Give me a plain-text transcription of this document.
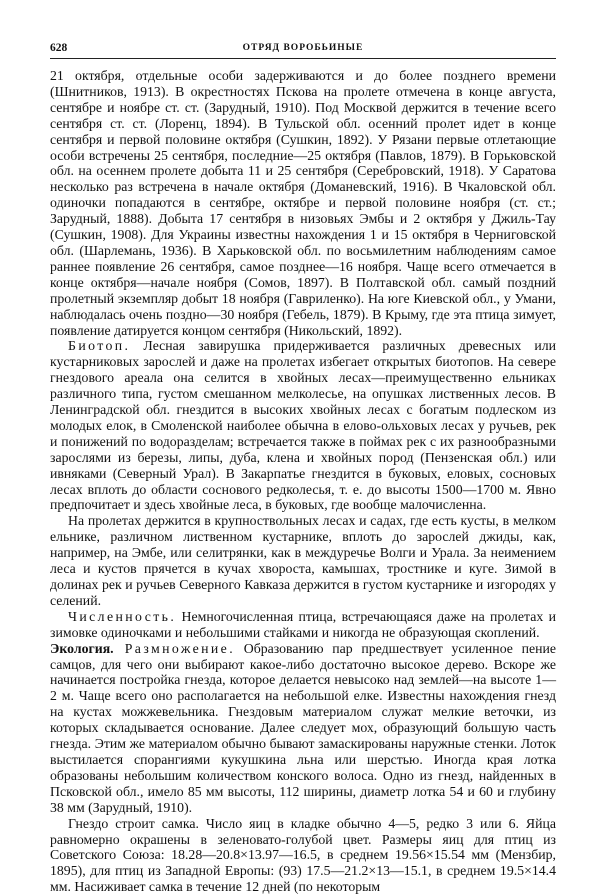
628	ОТРЯД ВОРОБЬИНЫЕ

21 октября, отдельные особи задерживаются и до более позднего времени (Шнитников, 1913). В окрестностях Пскова на пролете отмечена в конце августа, сентябре и ноябре ст. ст. (Зарудный, 1910). Под Москвой держится в течение всего сентября ст. ст. (Лоренц, 1894). В Тульской обл. осенний пролет идет в конце сентября и первой половине октября (Сушкин, 1892). У Рязани первые отлетающие особи встречены 25 сентября, последние—25 октября (Павлов, 1879). В Горьковской обл. на осеннем пролете добыта 11 и 25 сентября (Серебровский, 1918). У Саратова несколько раз встречена в начале октября (Доманевский, 1916). В Чкаловской обл. одиночки попадаются в сентябре, октябре и первой половине ноября (ст. ст.; Зарудный, 1888). Добыта 17 сентября в низовьях Эмбы и 2 октября у Джиль-Тау (Сушкин, 1908). Для Украины известны нахождения 1 и 15 октября в Черниговской обл. (Шарлемань, 1936). В Харьковской обл. по восьмилетним наблюдениям самое раннее появление 26 сентября, самое позднее—16 ноября. Чаще всего отмечается в конце октября—начале ноября (Сомов, 1897). В Полтавской обл. самый поздний пролетный экземпляр добыт 18 ноября (Гавриленко). На юге Киевской обл., у Умани, наблюдалась очень поздно—30 ноября (Гебель, 1879). В Крыму, где эта птица зимует, появление датируется концом сентября (Никольский, 1892).

Биотоп. Лесная завирушка придерживается различных древесных или кустарниковых зарослей и даже на пролетах избегает открытых биотопов. На севере гнездового ареала она селится в хвойных лесах—преимущественно ельниках различного типа, густом смешанном мелколесье, на опушках лиственных лесов. В Ленинградской обл. гнездится в высоких хвойных лесах с богатым подлеском из молодых елок, в Смоленской наиболее обычна в елово-ольховых лесах у ручьев, рек и понижений по водоразделам; встречается также в поймах рек с их разнообразными зарослями из березы, липы, дуба, клена и хвойных пород (Пензенская обл.) или ивняками (Северный Урал). В Закарпатье гнездится в буковых, еловых, сосновых лесах вплоть до области соснового редколесья, т. е. до высоты 1500—1700 м. Явно предпочитает и здесь хвойные леса, в буковых, где вообще малочисленна.

На пролетах держится в крупноствольных лесах и садах, где есть кусты, в мелком ельнике, различном лиственном кустарнике, вплоть до зарослей джиды, как, например, на Эмбе, или селитрянки, как в междуречье Волги и Урала. За неимением леса и кустов прячется в кучах хвороста, камышах, тростнике и куге. Зимой в долинах рек и ручьев Северного Кавказа держится в густом кустарнике и изгородях у селений.

Численность. Немногочисленная птица, встречающаяся даже на пролетах и зимовке одиночками и небольшими стайками и никогда не образующая скоплений.

Экология. Размножение. Образованию пар предшествует усиленное пение самцов, для чего они выбирают какое-либо достаточно высокое дерево. Вскоре же начинается постройка гнезда, которое делается невысоко над землей—на высоте 1—2 м. Чаще всего оно располагается на небольшой елке. Известны нахождения гнезд на кустах можжевельника. Гнездовым материалом служат мелкие веточки, из которых складывается основание. Далее следует мох, образующий большую часть гнезда. Этим же материалом обычно бывают замаскированы наружные стенки. Лоток выстилается спорангиями кукушкина льна или шерстью. Иногда края лотка образованы небольшим количеством конского волоса. Одно из гнезд, найденных в Псковской обл., имело 85 мм высоты, 112 ширины, диаметр лотка 54 и 60 и глубину 38 мм (Зарудный, 1910).

Гнездо строит самка. Число яиц в кладке обычно 4—5, редко 3 или 6. Яйца равномерно окрашены в зеленовато-голубой цвет. Размеры яиц для птиц из Советского Союза: 18.28—20.8×13.97—16.5, в среднем 19.56×15.54 мм (Мензбир, 1895), для птиц из Западной Европы: (93) 17.5—21.2×13—15.1, в среднем 19.5×14.4 мм. Насиживает самка в течение 12 дней (по некоторым
